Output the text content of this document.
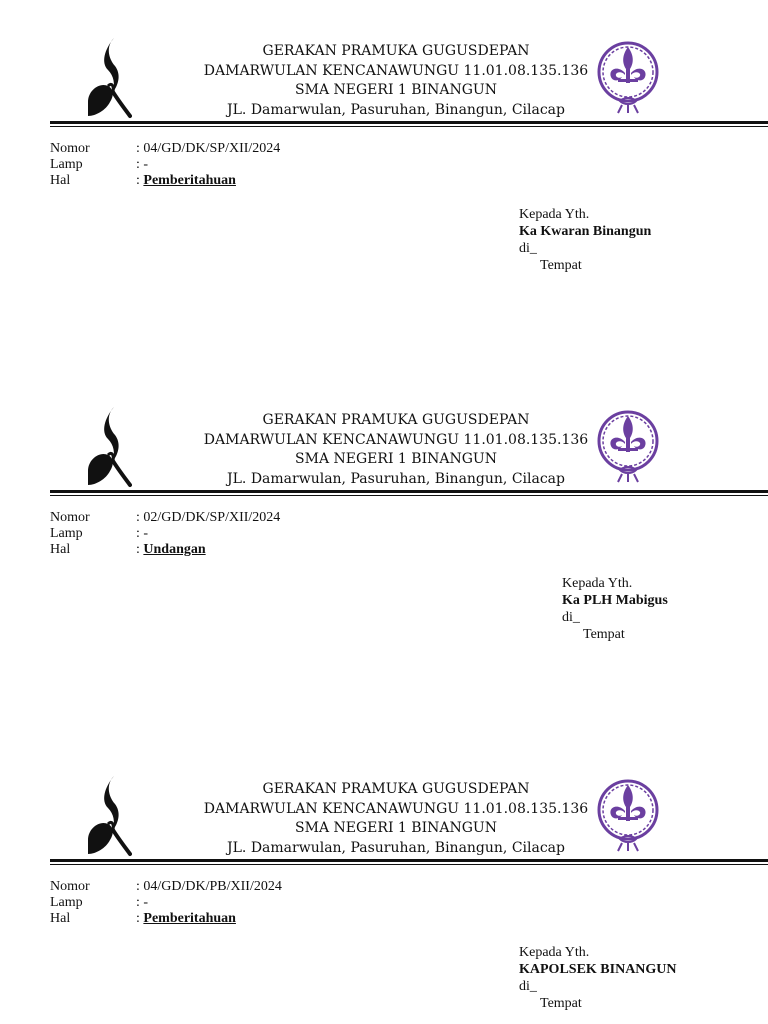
GERAKAN PRAMUKA GUGUSDEPAN
DAMARWULAN KENCANAWUNGU 11.01.08.135.136
SMA NEGERI 1 BINANGUN
JL. Damarwulan, Pasuruhan, Binangun, Cilacap
Nomor	: 04/GD/DK/SP/XII/2024
Lamp	: -
Hal	: Pemberitahuan
Kepada Yth.
Ka Kwaran Binangun
di_
Tempat
GERAKAN PRAMUKA GUGUSDEPAN
DAMARWULAN KENCANAWUNGU 11.01.08.135.136
SMA NEGERI 1 BINANGUN
JL. Damarwulan, Pasuruhan, Binangun, Cilacap
Nomor	: 02/GD/DK/SP/XII/2024
Lamp	: -
Hal	: Undangan
Kepada Yth.
Ka PLH Mabigus
di_
Tempat
GERAKAN PRAMUKA GUGUSDEPAN
DAMARWULAN KENCANAWUNGU 11.01.08.135.136
SMA NEGERI 1 BINANGUN
JL. Damarwulan, Pasuruhan, Binangun, Cilacap
Nomor	: 04/GD/DK/PB/XII/2024
Lamp	: -
Hal	: Pemberitahuan
Kepada Yth.
KAPOLSEK BINANGUN
di_
Tempat
